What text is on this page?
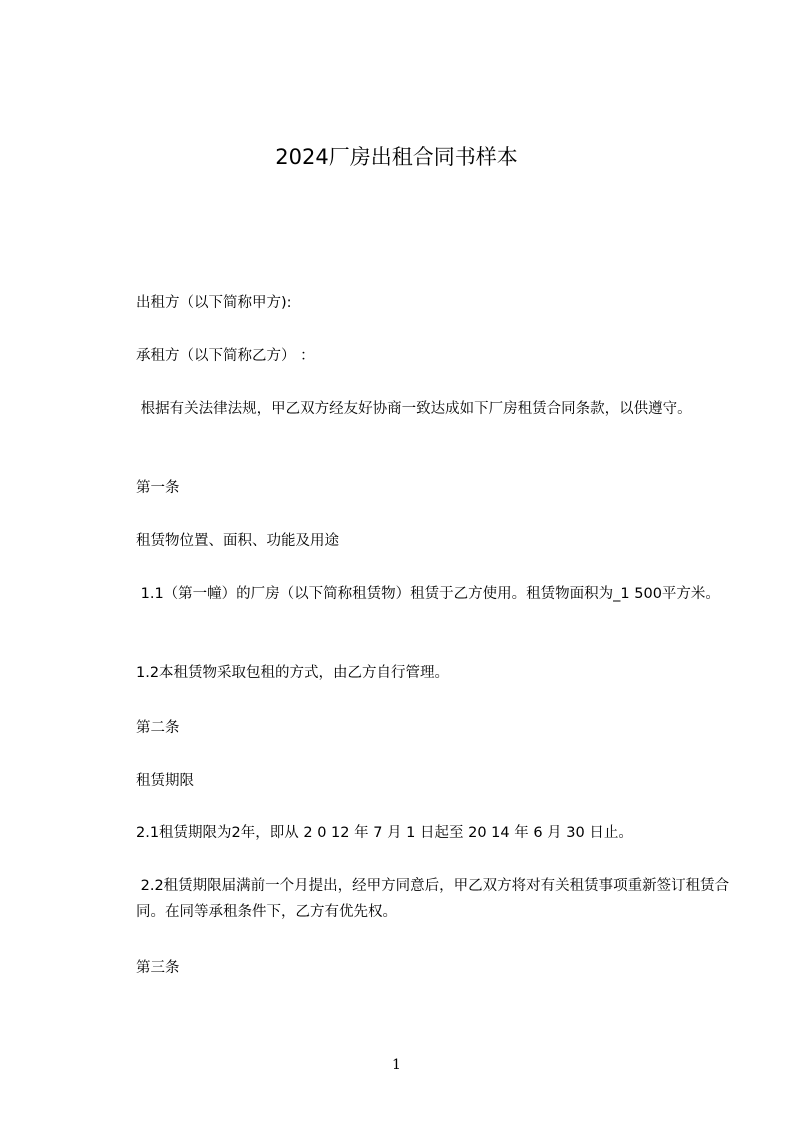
2024厂房出租合同书样本

出租方（以下简称甲方):

承租方（以下简称乙方） ：

根据有关法律法规，甲乙双方经友好协商一致达成如下厂房租赁合同条款，以供遵守。

第一条

租赁物位置、面积、功能及用途

1.1（第一幢）的厂房（以下简称租赁物）租赁于乙方使用。租赁物面积为_1 500平方米。

1.2本租赁物采取包租的方式，由乙方自行管理。

第二条

租赁期限

2.1租赁期限为2年，即从 2 0 12 年 7 月 1 日起至 20 14 年 6 月 30 日止。

2.2租赁期限届满前一个月提出，经甲方同意后，甲乙双方将对有关租赁事项重新签订租赁合同。在同等承租条件下，乙方有优先权。

第三条

1
